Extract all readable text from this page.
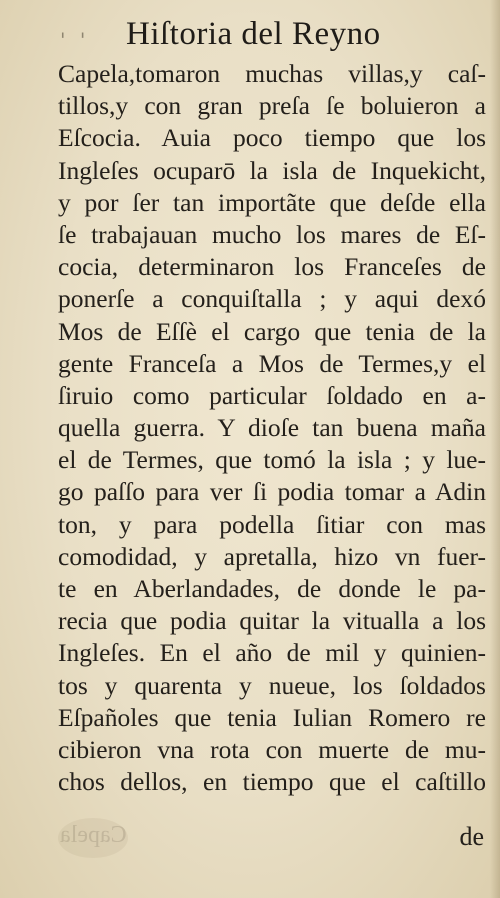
' ' Hiſtoria del Reyno
Capela,tomaron muchas villas,y caſ-
tillos,y con gran preſa ſe boluieron a
Eſcocia. Auia poco tiempo que los
Ingleſes ocuparō la isla de Inquekicht,
y por ſer tan importãte que deſde ella
ſe trabajauan mucho los mares de Eſ-
cocia, determinaron los Franceſes de
ponerſe a conquiſtalla ; y aqui dexó
Mos de Eſſè el cargo que tenia de la
gente Franceſa a Mos de Termes,y el
ſiruio como particular ſoldado en a-
quella guerra. Y dioſe tan buena maña
el de Termes, que tomó la isla ; y lue-
go paſſo para ver ſi podia tomar a Adin
ton, y para podella ſitiar con mas
comodidad, y apretalla, hizo vn fuer-
te en Aberlandades, de donde le pa-
recia que podia quitar la vitualla a los
Ingleſes. En el año de mil y quinien-
tos y quarenta y nueue, los ſoldados
Eſpañoles que tenia Iulian Romero re
cibieron vna rota con muerte de mu-
chos dellos, en tiempo que el caſtillo
Capela	de
